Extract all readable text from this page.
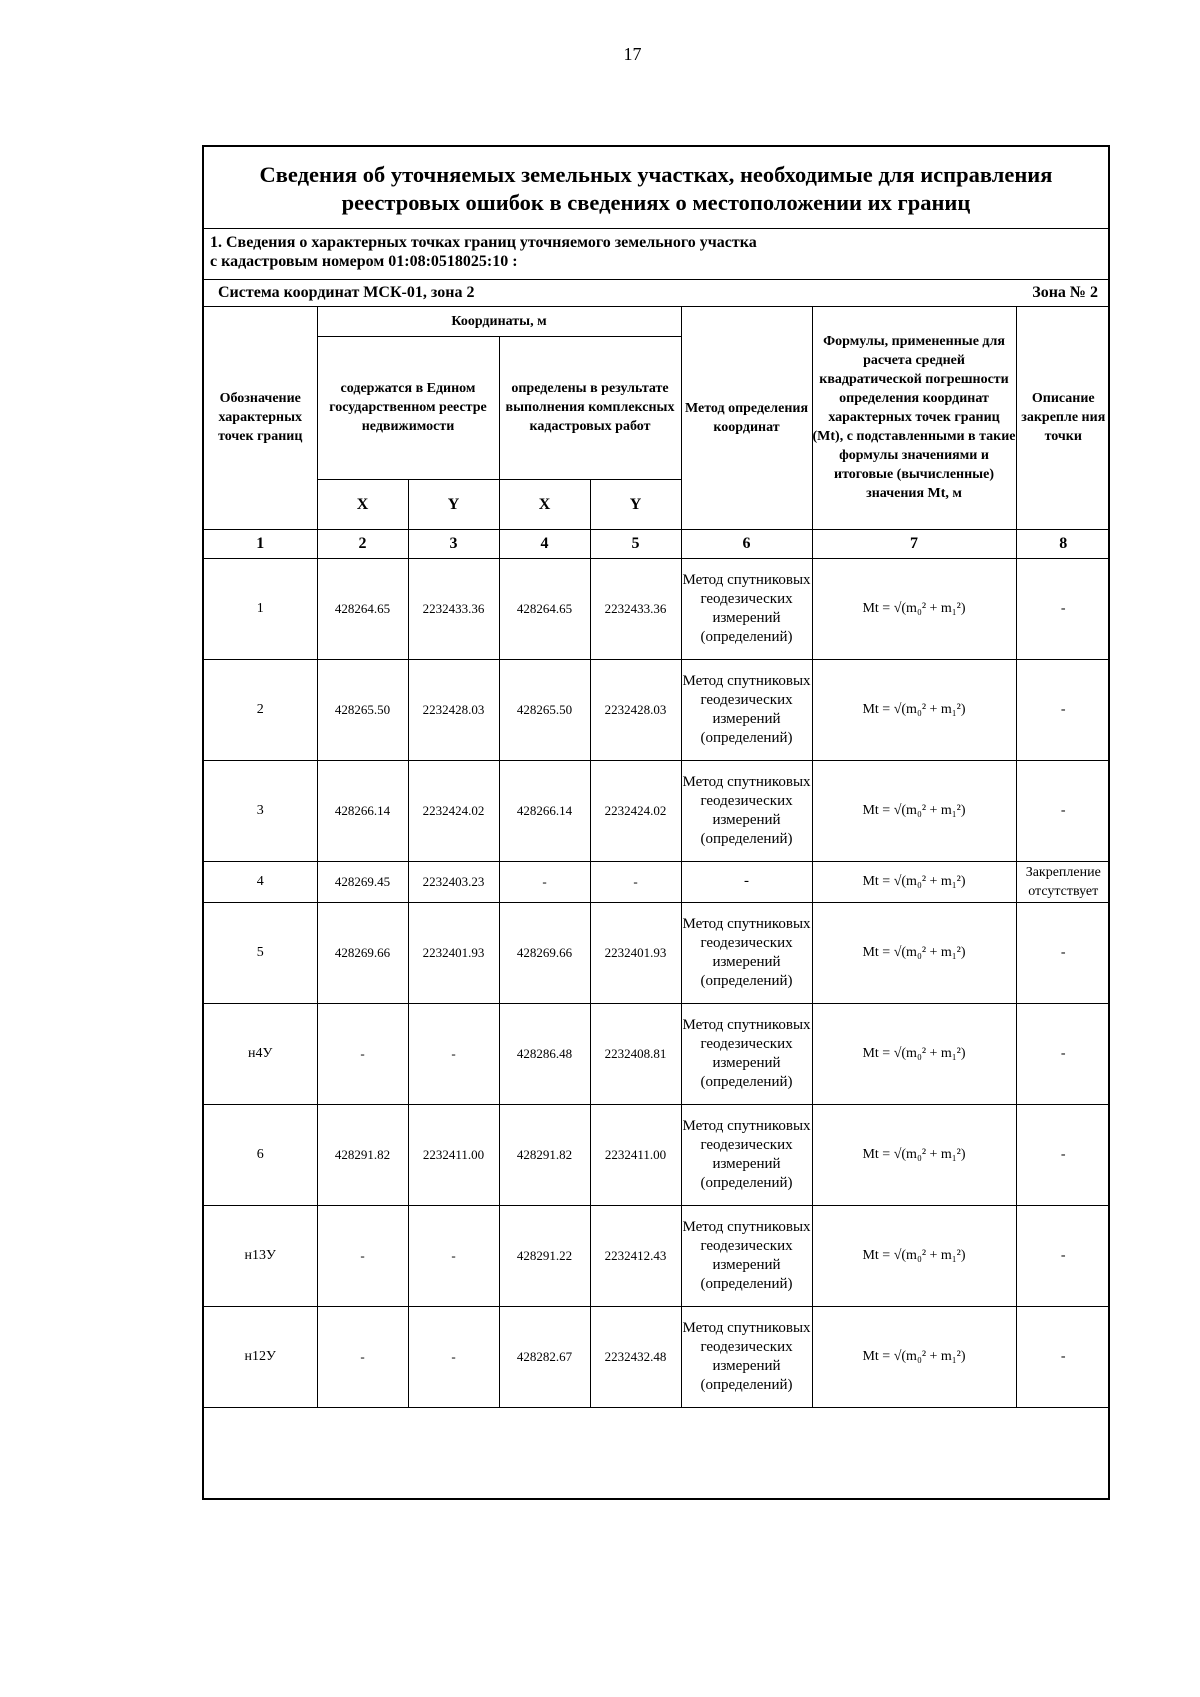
17
Сведения об уточняемых земельных участках, необходимые для исправления реестровых ошибок в сведениях о местоположении их границ
1. Сведения о характерных точках границ уточняемого земельного участка
с кадастровым номером 01:08:0518025:10 :
Система координат МСК-01, зона 2	Зона № 2
Обозначение характерных точек границ	Координаты, м				Метод определения координат	Формулы, примененные для расчета средней квадратической погрешности определения координат характерных точек границ (Mt), с подставленными в такие формулы значениями и итоговые (вычисленные) значения Mt, м	Описание закрепле ния точки
	содержатся в Едином государственном реестре недвижимости		определены в результате выполнения комплексных кадастровых работ				
	X	Y	X	Y			
1	2	3	4	5	6	7	8
1	428264.65	2232433.36	428264.65	2232433.36	Метод спутниковых геодезических измерений (определений)	Mt = √(m₀² + m₁²)	-
2	428265.50	2232428.03	428265.50	2232428.03	Метод спутниковых геодезических измерений (определений)	Mt = √(m₀² + m₁²)	-
3	428266.14	2232424.02	428266.14	2232424.02	Метод спутниковых геодезических измерений (определений)	Mt = √(m₀² + m₁²)	-
4	428269.45	2232403.23	-	-	-	Mt = √(m₀² + m₁²)	Закрепление отсутствует
5	428269.66	2232401.93	428269.66	2232401.93	Метод спутниковых геодезических измерений (определений)	Mt = √(m₀² + m₁²)	-
н4У	-	-	428286.48	2232408.81	Метод спутниковых геодезических измерений (определений)	Mt = √(m₀² + m₁²)	-
6	428291.82	2232411.00	428291.82	2232411.00	Метод спутниковых геодезических измерений (определений)	Mt = √(m₀² + m₁²)	-
н13У	-	-	428291.22	2232412.43	Метод спутниковых геодезических измерений (определений)	Mt = √(m₀² + m₁²)	-
н12У	-	-	428282.67	2232432.48	Метод спутниковых геодезических измерений (определений)	Mt = √(m₀² + m₁²)	-
